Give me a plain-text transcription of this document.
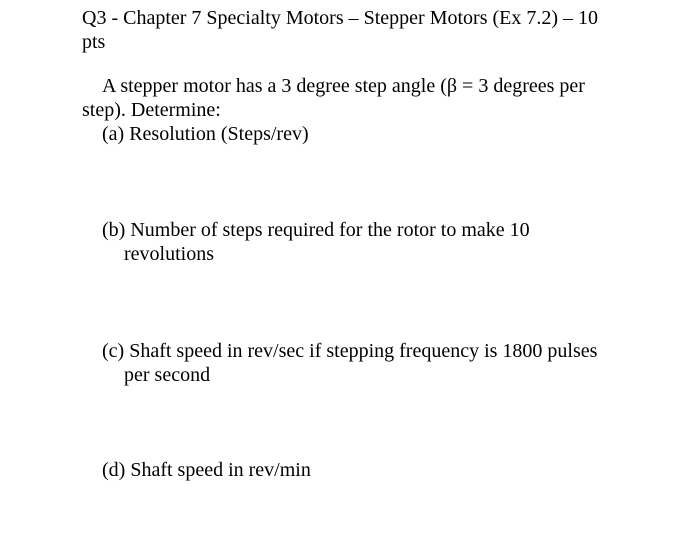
Q3 - Chapter 7 Specialty Motors – Stepper Motors (Ex 7.2) – 10
pts
A stepper motor has a 3 degree step angle (β = 3 degrees per
step). Determine:
(a) Resolution (Steps/rev)
(b) Number of steps required for the rotor to make 10
revolutions
(c) Shaft speed in rev/sec if stepping frequency is 1800 pulses
per second
(d) Shaft speed in rev/min
